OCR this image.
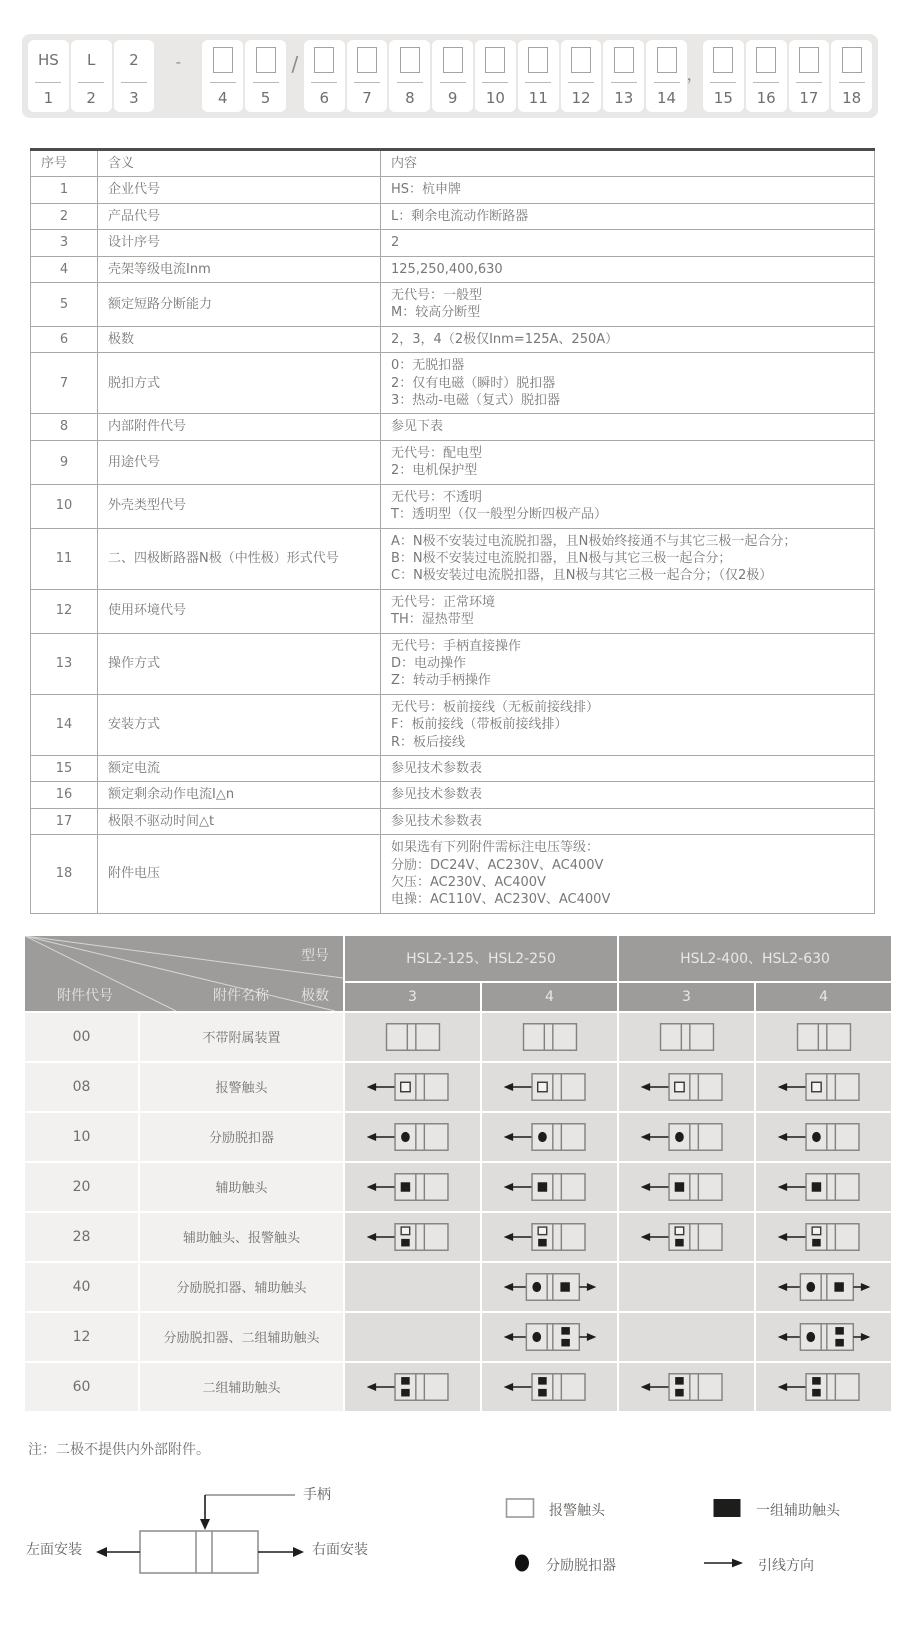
HS
1
L
2
2
3
-
4 5
/
6 7 8 9 10 11 12 13 14
，
15 16 17 18
序号	含义	内容
1	企业代号	HS：杭申牌

2	产品代号	L：剩余电流动作断路器

3	设计序号	2

4	壳架等级电流Inm	125,250,400,630

5	额定短路分断能力	无代号：一般型
M：较高分断型

6	极数	2，3，4（2极仅Inm=125A、250A）

7	脱扣方式	0：无脱扣器
2：仅有电磁（瞬时）脱扣器
3：热动-电磁（复式）脱扣器

8	内部附件代号	参见下表

9	用途代号	无代号：配电型
2：电机保护型

10	外壳类型代号	无代号：不透明
T：透明型（仅一般型分断四极产品）

11	二、四极断路器N极（中性极）形式代号	A：N极不安装过电流脱扣器，且N极始终接通不与其它三极一起合分；
B：N极不安装过电流脱扣器，且N极与其它三极一起合分；
C：N极安装过电流脱扣器，且N极与其它三极一起合分；（仅2极）

12	使用环境代号	无代号：正常环境
TH：湿热带型

13	操作方式	无代号：手柄直接操作
D：电动操作
Z：转动手柄操作

14	安装方式	无代号：板前接线（无板前接线排）
F：板前接线（带板前接线排）
R：板后接线

15	额定电流	参见技术参数表

16	额定剩余动作电流I△n	参见技术参数表

17	极限不驱动时间△t	参见技术参数表

18	附件电压	如果选有下列附件需标注电压等级：
分励：DC24V、AC230V、AC400V
欠压：AC230V、AC400V
电操：AC110V、AC230V、AC400V
型号
极数
附件代号 附件名称		HSL2-125、HSL2-250		HSL2-400、HSL2-630	
		3	4	3	4
00	不带附属装置	

08	报警触头	

10	分励脱扣器	

20	辅助触头	

28	辅助触头、报警触头	

40	分励脱扣器、辅助触头		

12	分励脱扣器、二组辅助触头		

60	二组辅助触头	

注：二极不提供内外部附件。
手柄
左面安装	右面安装
报警触头	一组辅助触头
分励脱扣器	引线方向
